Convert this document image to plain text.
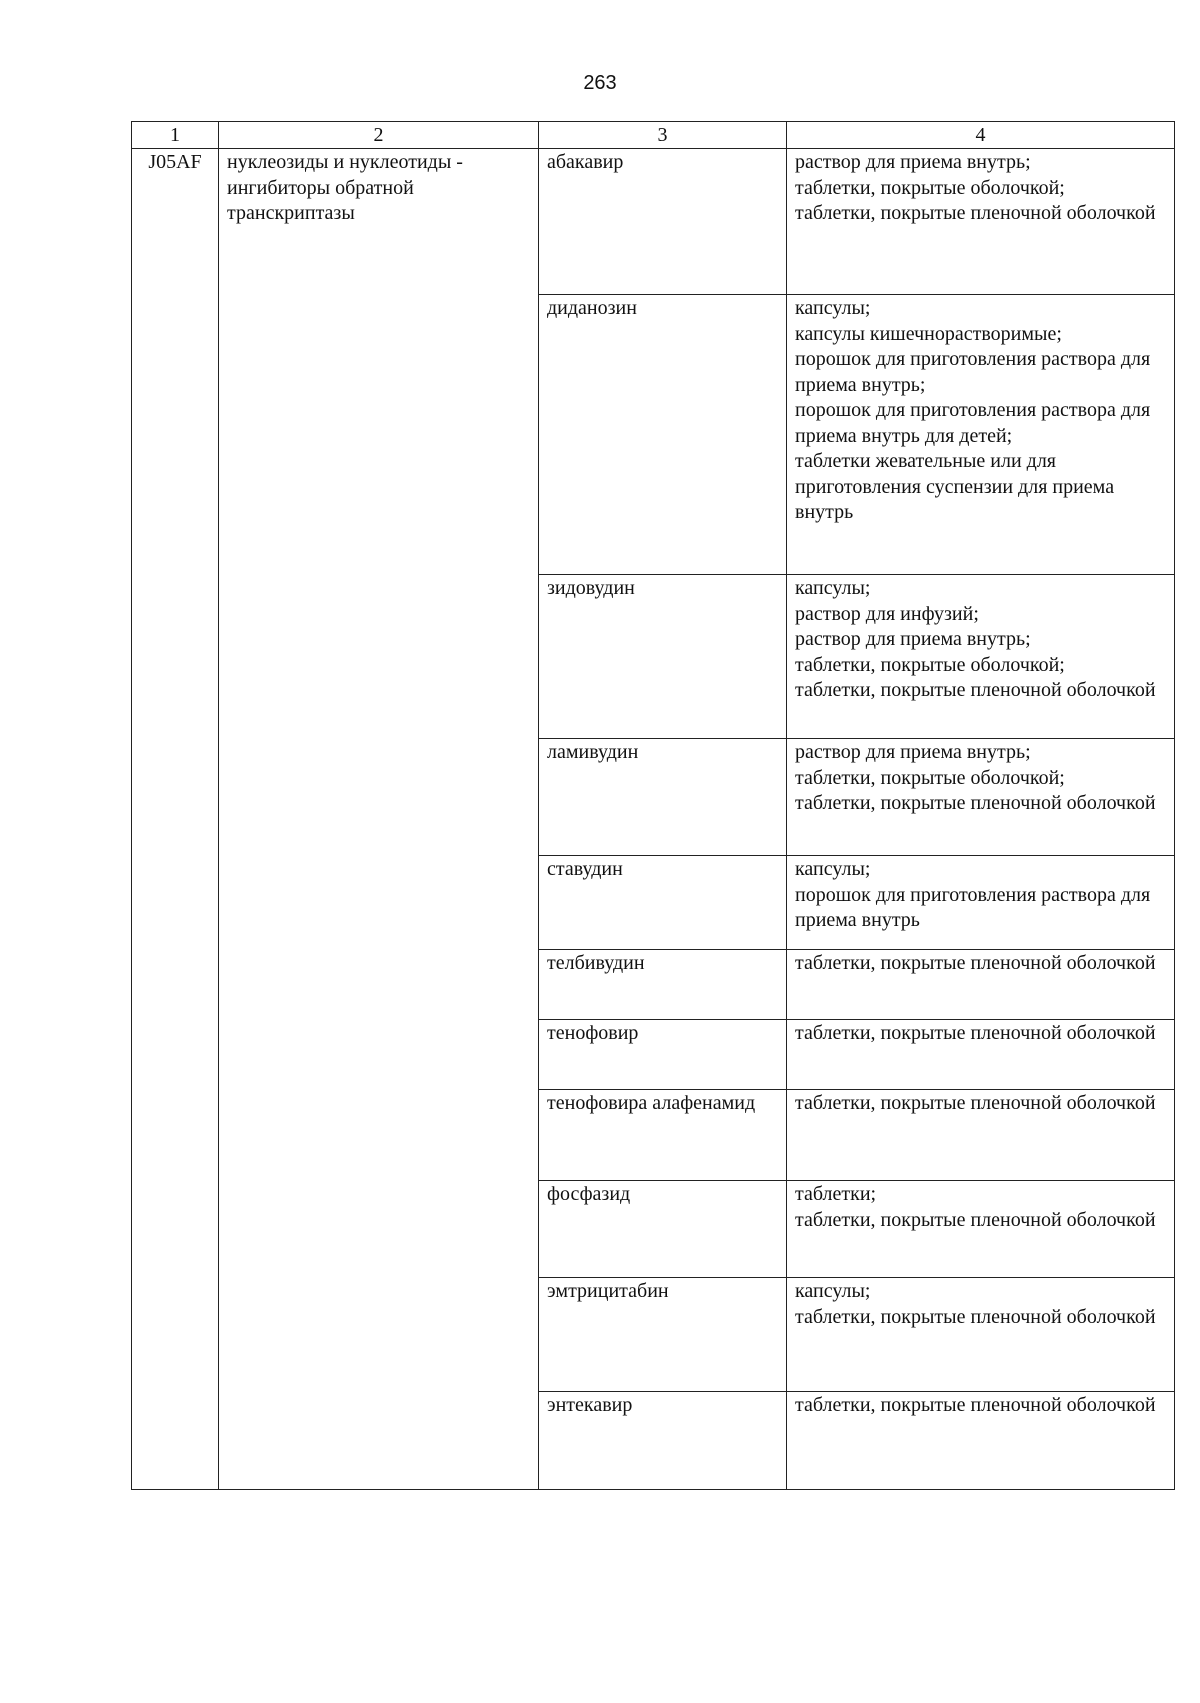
263
1	2	3	4
J05AF	нуклеозиды и нуклеотиды - ингибиторы обратной транскриптазы	абакавир	раствор для приема внутрь;
таблетки, покрытые оболочкой;
таблетки, покрытые пленочной оболочкой

		диданозин	капсулы;
капсулы кишечнорастворимые;
порошок для приготовления раствора для приема внутрь;
порошок для приготовления раствора для приема внутрь для детей;
таблетки жевательные или для приготовления суспензии для приема внутрь

		зидовудин	капсулы;
раствор для инфузий;
раствор для приема внутрь;
таблетки, покрытые оболочкой;
таблетки, покрытые пленочной оболочкой

		ламивудин	раствор для приема внутрь;
таблетки, покрытые оболочкой;
таблетки, покрытые пленочной оболочкой

		ставудин	капсулы;
порошок для приготовления раствора для приема внутрь

		телбивудин	таблетки, покрытые пленочной оболочкой

		тенофовир	таблетки, покрытые пленочной оболочкой

		тенофовира алафенамид	таблетки, покрытые пленочной оболочкой

		фосфазид	таблетки;
таблетки, покрытые пленочной оболочкой

		эмтрицитабин	капсулы;
таблетки, покрытые пленочной оболочкой

		энтекавир	таблетки, покрытые пленочной оболочкой
